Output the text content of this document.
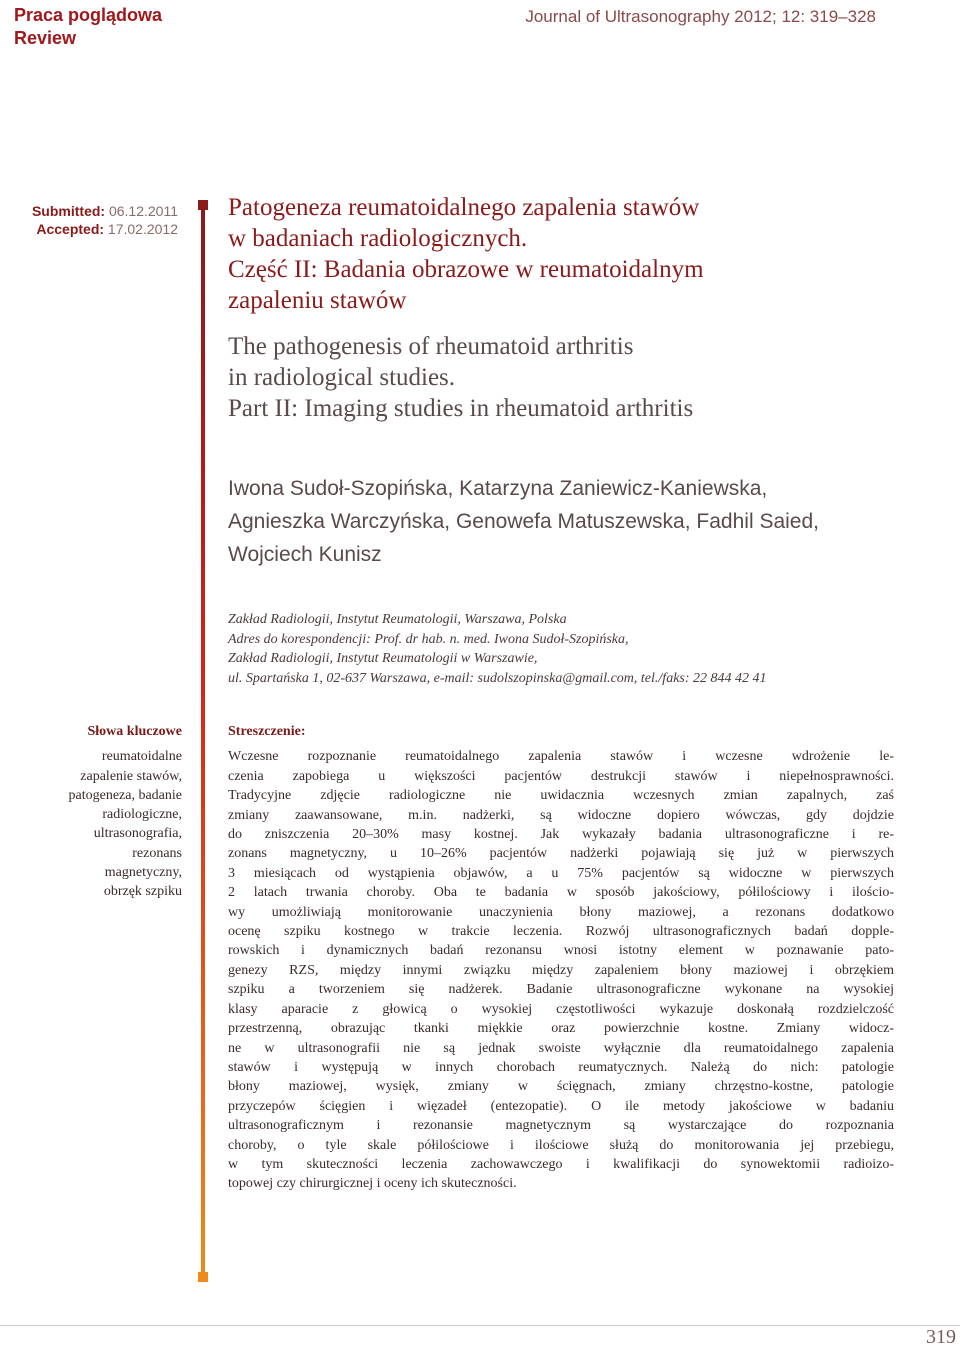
Praca poglądowa
Review
Journal of Ultrasonography 2012; 12: 319–328
Submitted: 06.12.2011
Accepted: 17.02.2012
Patogeneza reumatoidalnego zapalenia stawów
w badaniach radiologicznych.
Część II: Badania obrazowe w reumatoidalnym
zapaleniu stawów
The pathogenesis of rheumatoid arthritis
in radiological studies.
Part II: Imaging studies in rheumatoid arthritis
Iwona Sudoł-Szopińska, Katarzyna Zaniewicz-Kaniewska,
Agnieszka Warczyńska, Genowefa Matuszewska, Fadhil Saied,
Wojciech Kunisz
Zakład Radiologii, Instytut Reumatologii, Warszawa, Polska
Adres do korespondencji: Prof. dr hab. n. med. Iwona Sudoł-Szopińska,
Zakład Radiologii, Instytut Reumatologii w Warszawie,
ul. Spartańska 1, 02-637 Warszawa, e-mail: sudolszopinska@gmail.com, tel./faks: 22 844 42 41
Słowa kluczowe
reumatoidalne
zapalenie stawów,
patogeneza, badanie
radiologiczne,
ultrasonografia,
rezonans
magnetyczny,
obrzęk szpiku
Streszczenie:
Wczesne rozpoznanie reumatoidalnego zapalenia stawów i wczesne wdrożenie le-
czenia zapobiega u większości pacjentów destrukcji stawów i niepełnosprawności.
Tradycyjne zdjęcie radiologiczne nie uwidacznia wczesnych zmian zapalnych, zaś
zmiany zaawansowane, m.in. nadżerki, są widoczne dopiero wówczas, gdy dojdzie
do zniszczenia 20–30% masy kostnej. Jak wykazały badania ultrasonograficzne i re-
zonans magnetyczny, u 10–26% pacjentów nadżerki pojawiają się już w pierwszych
3 miesiącach od wystąpienia objawów, a u 75% pacjentów są widoczne w pierwszych
2 latach trwania choroby. Oba te badania w sposób jakościowy, półilościowy i ilościo-
wy umożliwiają monitorowanie unaczynienia błony maziowej, a rezonans dodatkowo
ocenę szpiku kostnego w trakcie leczenia. Rozwój ultrasonograficznych badań dopple-
rowskich i dynamicznych badań rezonansu wnosi istotny element w poznawanie pato-
genezy RZS, między innymi związku między zapaleniem błony maziowej i obrzękiem
szpiku a tworzeniem się nadżerek. Badanie ultrasonograficzne wykonane na wysokiej
klasy aparacie z głowicą o wysokiej częstotliwości wykazuje doskonałą rozdzielczość
przestrzenną, obrazując tkanki miękkie oraz powierzchnie kostne. Zmiany widocz-
ne w ultrasonografii nie są jednak swoiste wyłącznie dla reumatoidalnego zapalenia
stawów i występują w innych chorobach reumatycznych. Należą do nich: patologie
błony maziowej, wysięk, zmiany w ścięgnach, zmiany chrzęstno-kostne, patologie
przyczepów ścięgien i więzadeł (entezopatie). O ile metody jakościowe w badaniu
ultrasonograficznym i rezonansie magnetycznym są wystarczające do rozpoznania
choroby, o tyle skale półilościowe i ilościowe służą do monitorowania jej przebiegu,
w tym skuteczności leczenia zachowawczego i kwalifikacji do synowektomii radioizo-
topowej czy chirurgicznej i oceny ich skuteczności.
319
